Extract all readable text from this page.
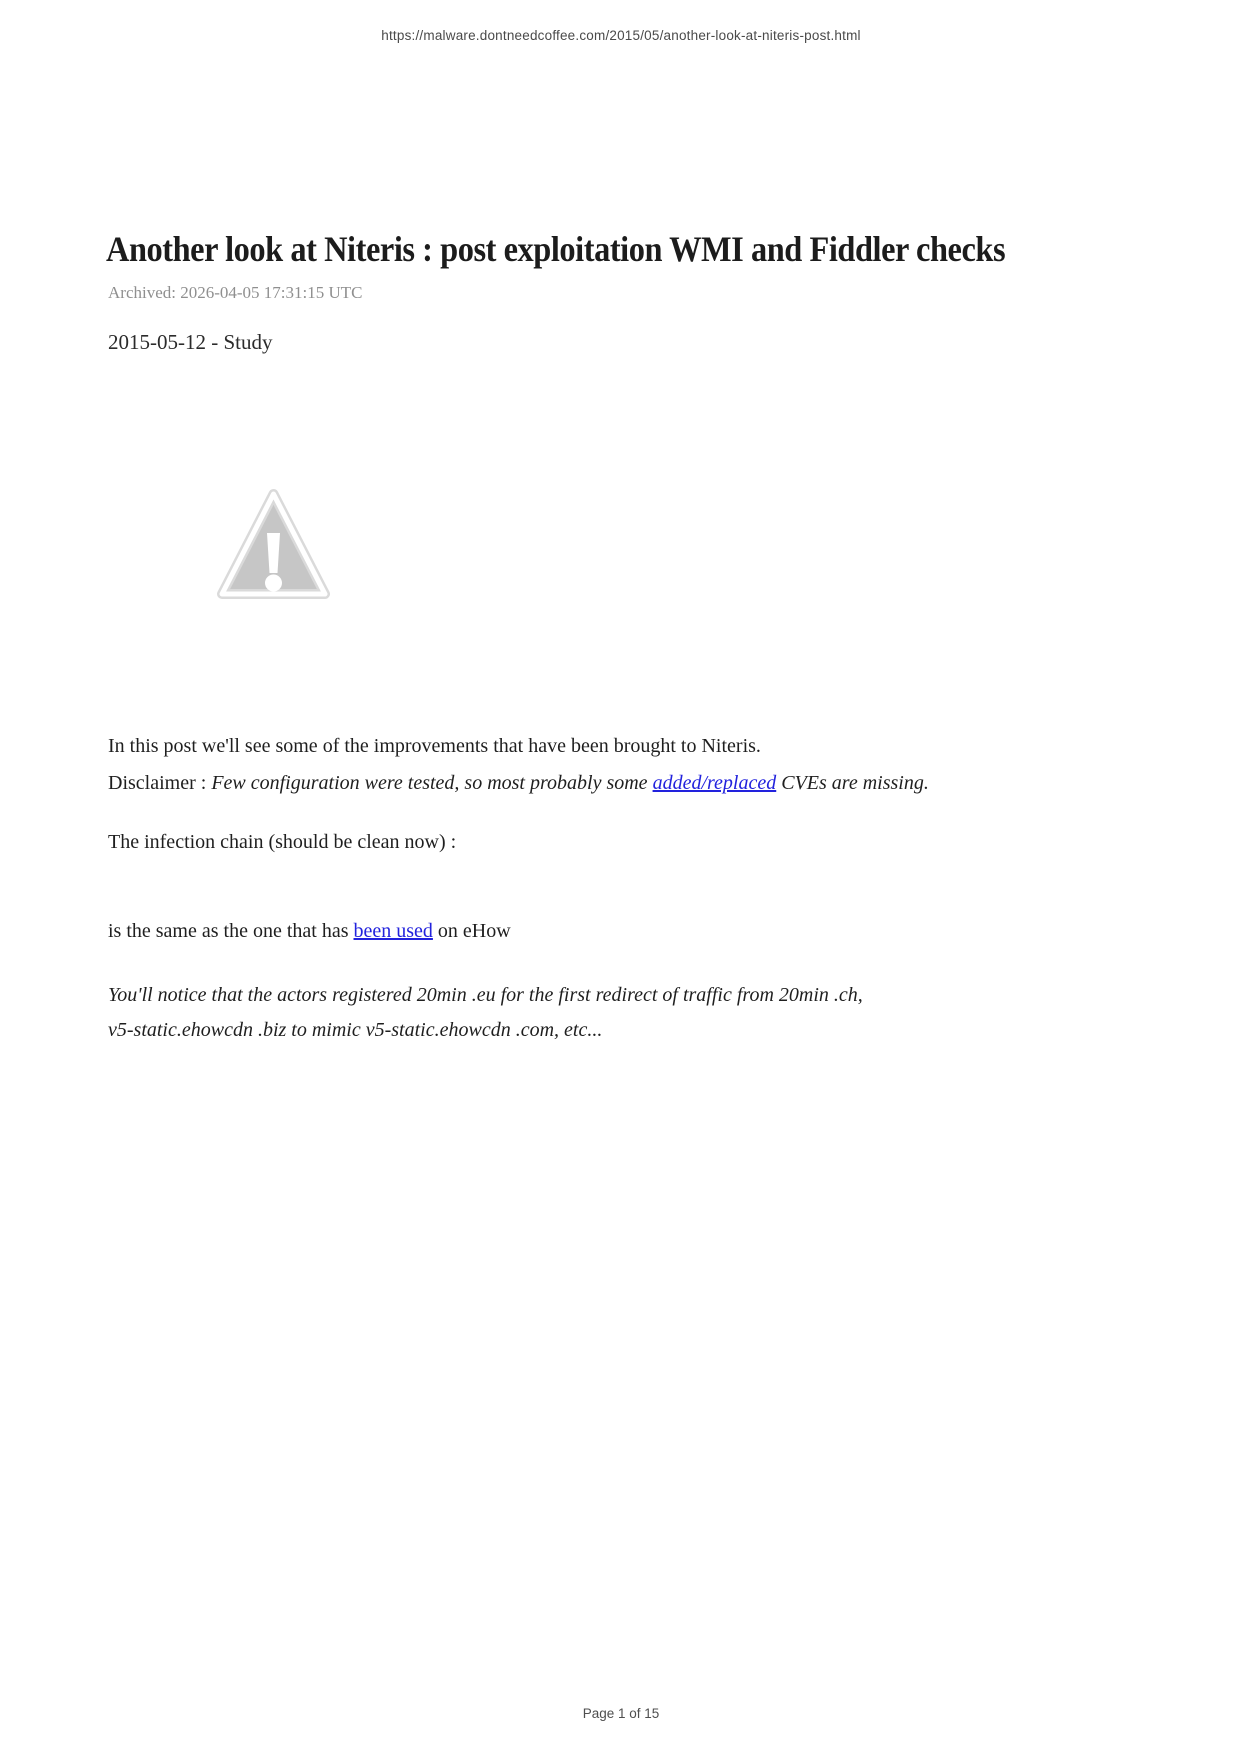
https://malware.dontneedcoffee.com/2015/05/another-look-at-niteris-post.html
Another look at Niteris : post exploitation WMI and Fiddler checks
Archived: 2026-04-05 17:31:15 UTC
2015-05-12 - Study
In this post we'll see some of the improvements that have been brought to Niteris.
Disclaimer : Few configuration were tested, so most probably some added/replaced CVEs are missing.
The infection chain (should be clean now) :
is the same as the one that has been used on eHow
You'll notice that the actors registered 20min .eu for the first redirect of traffic from 20min .ch,
v5-static.ehowcdn .biz to mimic v5-static.ehowcdn .com, etc...
Page 1 of 15
